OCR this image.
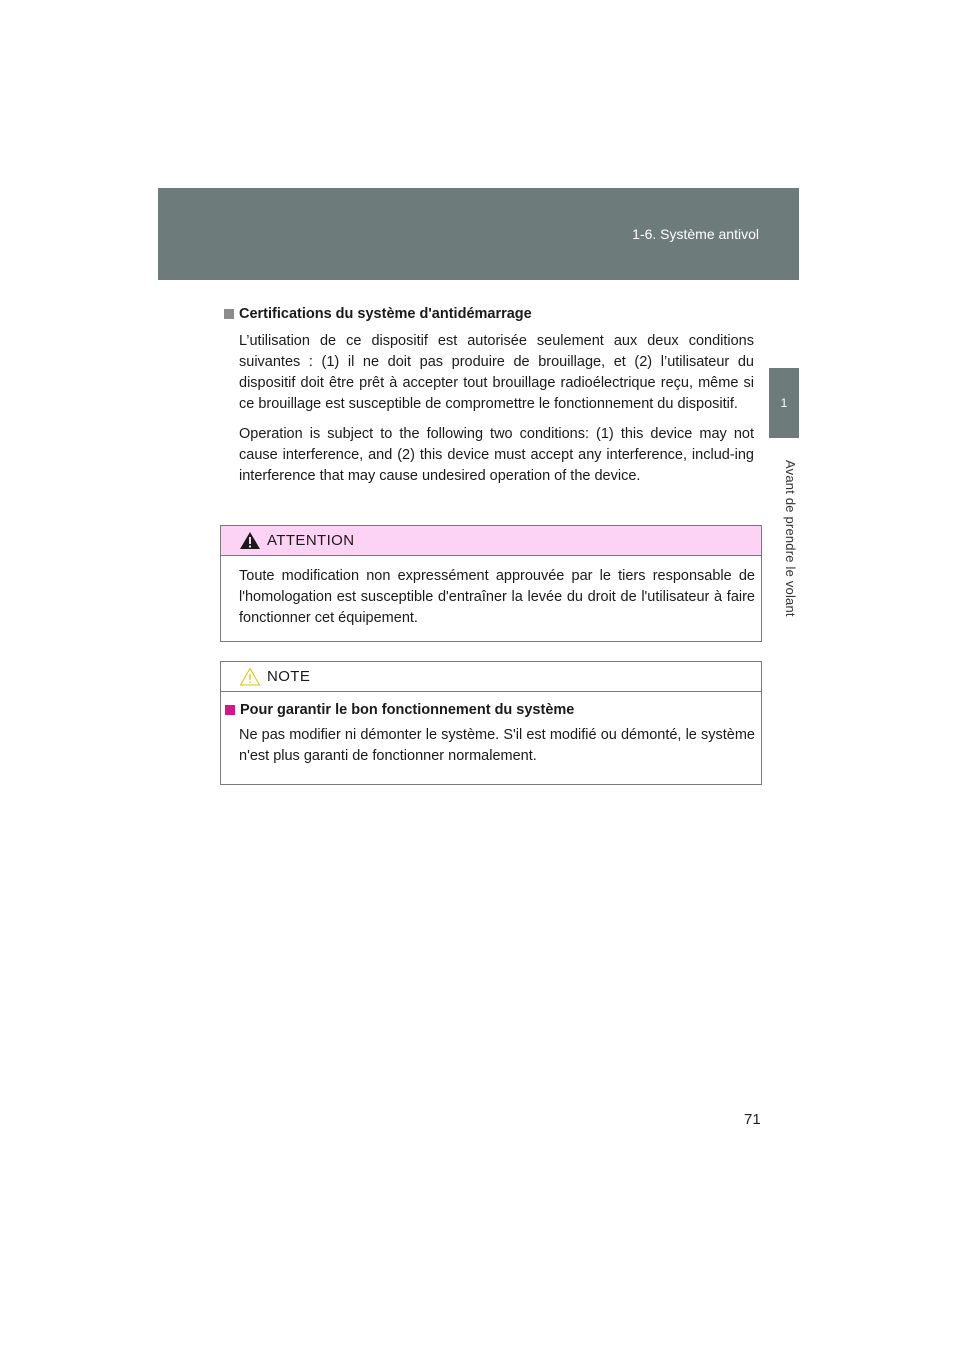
1-6. Système antivol
1
Avant de prendre le volant
Certifications du système d'antidémarrage

L’utilisation de ce dispositif est autorisée seulement aux deux conditions suivantes : (1) il ne doit pas produire de brouillage, et (2) l’utilisateur du dispositif doit être prêt à accepter tout brouillage radioélectrique reçu, même si ce brouillage est susceptible de compromettre le fonctionnement du dispositif.

Operation is subject to the following two conditions: (1) this device may not cause interference, and (2) this device must accept any interference, includ-ing interference that may cause undesired operation of the device.

ATTENTION

Toute modification non expressément approuvée par le tiers responsable de l'homologation est susceptible d'entraîner la levée du droit de l'utilisateur à faire fonctionner cet équipement.

NOTE
Pour garantir le bon fonctionnement du système

Ne pas modifier ni démonter le système. S'il est modifié ou démonté, le système n'est plus garanti de fonctionner normalement.

71
